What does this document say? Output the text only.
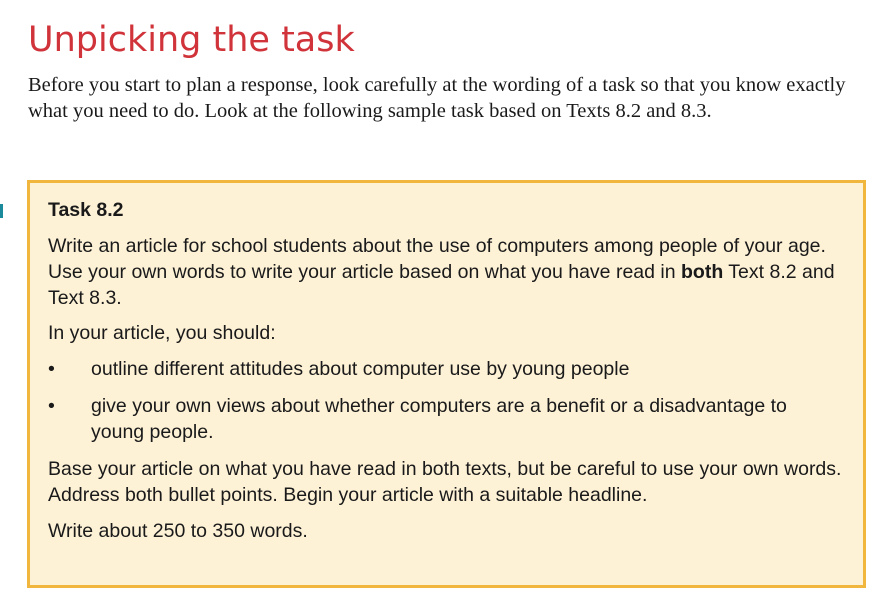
Unpicking the task

Before you start to plan a response, look carefully at the wording of a task so that you know exactly what you need to do. Look at the following sample task based on Texts 8.2 and 8.3.

Task 8.2

Write an article for school students about the use of computers among people of your age. Use your own words to write your article based on what you have read in both Text 8.2 and Text 8.3.

In your article, you should:

• outline different attitudes about computer use by young people
• give your own views about whether computers are a benefit or a disadvantage to young people.

Base your article on what you have read in both texts, but be careful to use your own words. Address both bullet points. Begin your article with a suitable headline.

Write about 250 to 350 words.
